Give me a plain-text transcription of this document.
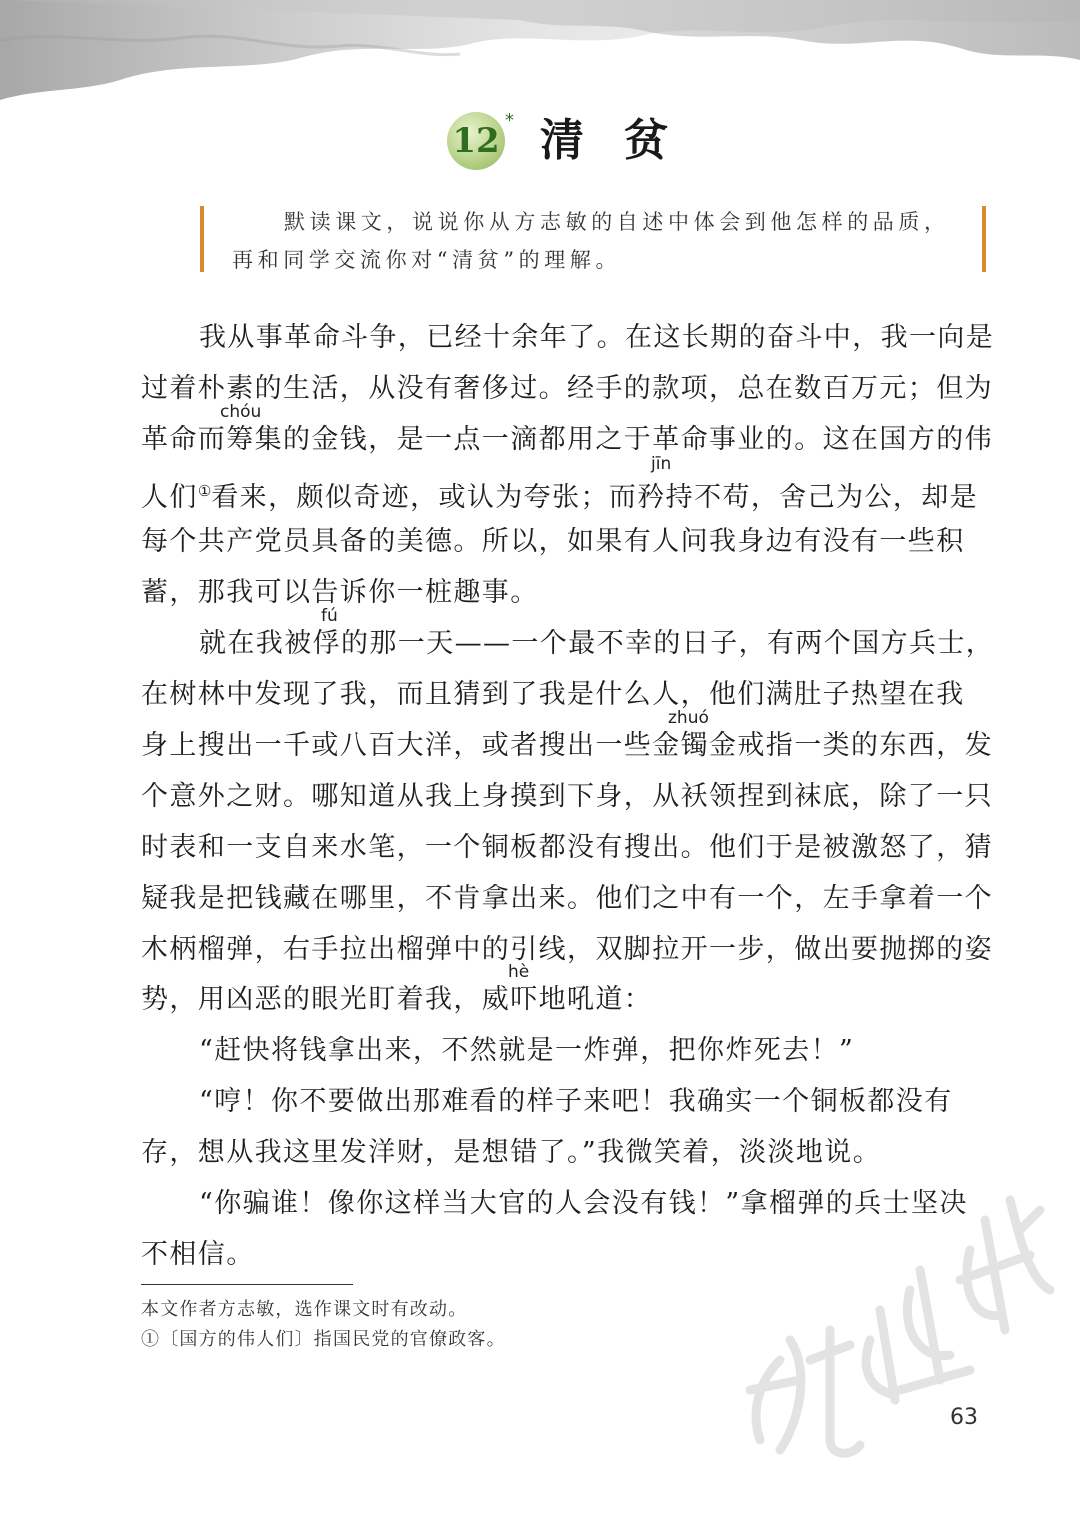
12
* 清贫
默读课文，说说你从方志敏的自述中体会到他怎样的品质，
再和同学交流你对“清贫”的理解。
我从事革命斗争，已经十余年了。在这长期的奋斗中，我一向是
过着朴素的生活，从没有奢侈过。经手的款项，总在数百万元；但为
chóu
革命而筹集的金钱，是一点一滴都用之于革命事业的。这在国方的伟
jīn
人们①看来，颇似奇迹，或认为夸张；而矜持不苟，舍己为公，却是
每个共产党员具备的美德。所以，如果有人问我身边有没有一些积
蓄，那我可以告诉你一桩趣事。
fú
就在我被俘的那一天——一个最不幸的日子，有两个国方兵士，
在树林中发现了我，而且猜到了我是什么人，他们满肚子热望在我
zhuó
身上搜出一千或八百大洋，或者搜出一些金镯金戒指一类的东西，发
个意外之财。哪知道从我上身摸到下身，从袄领捏到袜底，除了一只
时表和一支自来水笔，一个铜板都没有搜出。他们于是被激怒了，猜
疑我是把钱藏在哪里，不肯拿出来。他们之中有一个，左手拿着一个
木柄榴弹，右手拉出榴弹中的引线，双脚拉开一步，做出要抛掷的姿
hè
势，用凶恶的眼光盯着我，威吓地吼道：
“赶快将钱拿出来，不然就是一炸弹，把你炸死去！”
“哼！你不要做出那难看的样子来吧！我确实一个铜板都没有
存，想从我这里发洋财，是想错了。”我微笑着，淡淡地说。
“你骗谁！像你这样当大官的人会没有钱！”拿榴弹的兵士坚决
不相信。
本文作者方志敏，选作课文时有改动。
①〔国方的伟人们〕指国民党的官僚政客。
63
